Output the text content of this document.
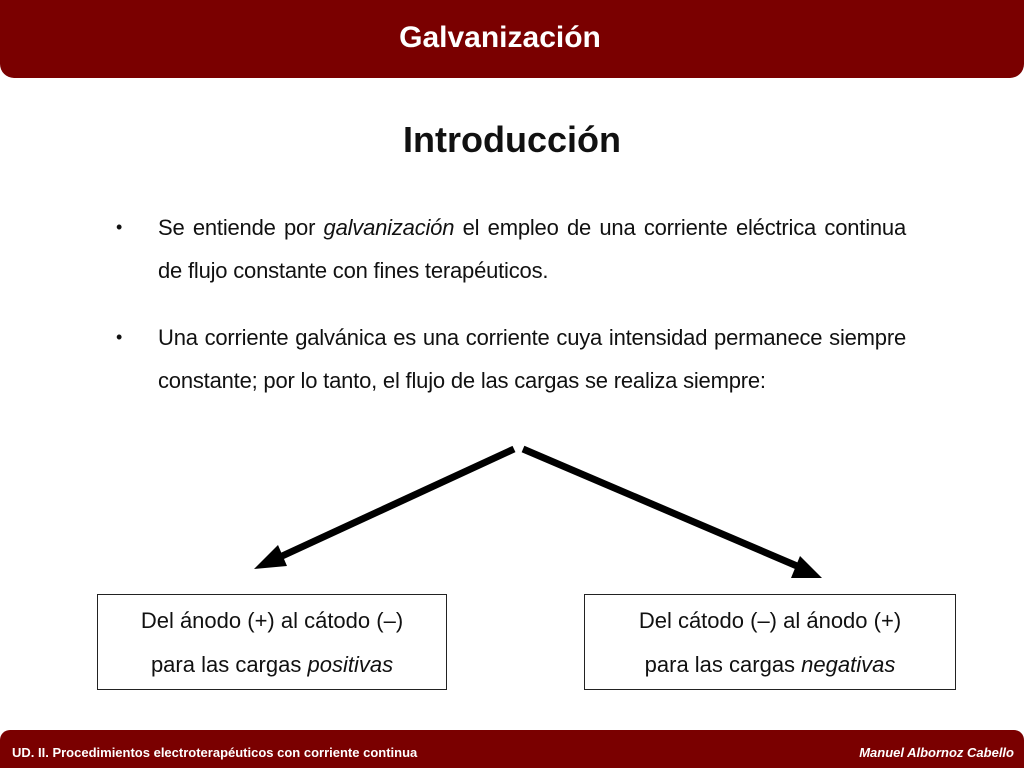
Galvanización
Introducción
• Se entiende por galvanización el empleo de una corriente eléctrica continua de flujo constante con fines terapéuticos.
• Una corriente galvánica es una corriente cuya intensidad permanece siempre constante; por lo tanto, el flujo de las cargas se realiza siempre:
Del ánodo (+) al cátodo (–)
para las cargas positivas
Del cátodo (–) al ánodo (+)
para las cargas negativas
UD. II. Procedimientos electroterapéuticos con corriente continua	Manuel Albornoz Cabello
